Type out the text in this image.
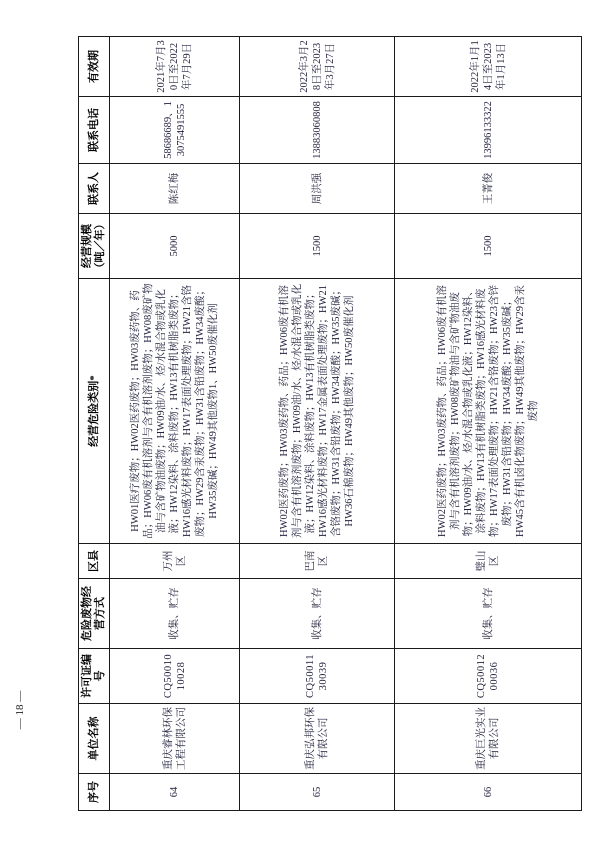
序号	单位名称	许可证编号	危险废物经营方式	区县	经营危险类别*	经营规模（吨／年）	联系人	联系电话	有效期
64	重庆睿林环保工程有限公司	CQ5001010028	收集、贮存	万州区	HW01医疗废物；HW02医药废物；HW03废药物、药品；HW06废有机溶剂与含有机溶剂废物；HW08废矿物油与含矿物油废物；HW09油/水、烃/水混合物或乳化液；HW12染料、涂料废物；HW13有机树脂类废物；HW16感光材料废物；HW17表面处理废物；HW21含铬废物；HW29含汞废物；HW31含铅废物；HW34废酸；HW35废碱；HW49其他废物1、HW50废催化剂	5000	陈红梅	58686689、13075491555	2021年7月30日至2022年7月29日
65	重庆弘邦环保有限公司	CQ5001130039	收集、贮存	巴南区	HW02医药废物；HW03废药物、药品；HW06废有机溶剂与含有机溶剂废物；HW09油/水、烃/水混合物或乳化液；HW12染料、涂料废物；HW13有机树脂类废物；HW16感光材料废物；HW17金属表面处理废物；HW21含铬废物；HW31含铅废物；HW34废酸；HW35废碱；HW36石棉废物；HW49其他废物；HW50废催化剂	1500	周洪强	13883060808	2022年3月28日至2023年3月27日
66	重庆巨光实业有限公司	CQ5001200036	收集、贮存	璧山区	HW02医药废物；HW03废药物、药品；HW06废有机溶剂与含有机溶剂废物；HW08废矿物油与含矿物油废物；HW09油/水、烃/水混合物或乳化液；HW12染料、涂料废物；HW13有机树脂类废物；HW16感光材料废物；HW17表面处理废物；HW21含铬废物；HW23含锌废物；HW31含铅废物；HW34废酸；HW35废碱；HW45含有机卤化物废物；HW49其他废物；HW29含汞废物	1500	王菁俊	13996133322	2022年1月14日至2023年1月13日
— 18 —
